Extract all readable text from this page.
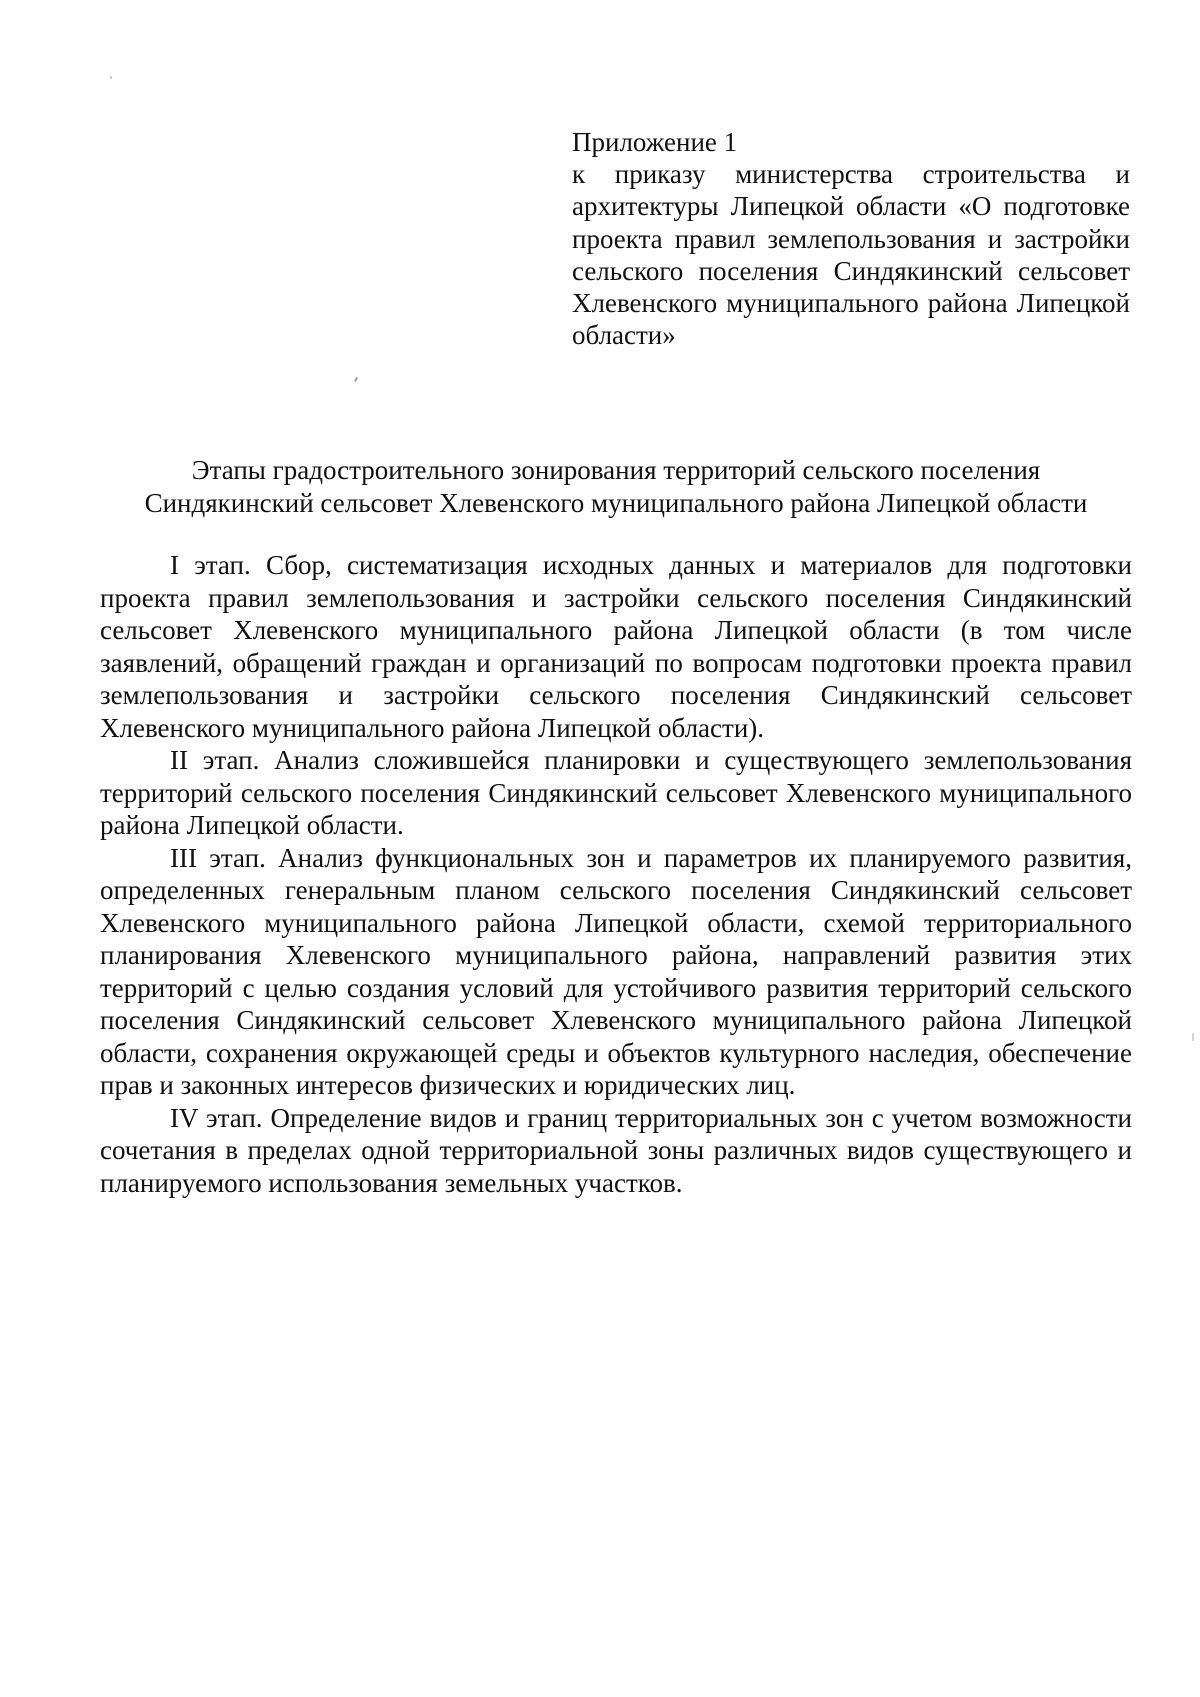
Приложение 1
к приказу министерства строительства и архитектуры Липецкой области «О подготовке проекта правил землепользования и застройки сельского поселения Синдякинский сельсовет Хлевенского муниципального района Липецкой области»
Этапы градостроительного зонирования территорий сельского поселения
Синдякинский сельсовет Хлевенского муниципального района Липецкой области

I этап. Сбор, систематизация исходных данных и материалов для подготовки проекта правил землепользования и застройки сельского поселения Синдякинский сельсовет Хлевенского муниципального района Липецкой области (в том числе заявлений, обращений граждан и организаций по вопросам подготовки проекта правил землепользования и застройки сельского поселения Синдякинский сельсовет Хлевенского муниципального района Липецкой области).

II этап. Анализ сложившейся планировки и существующего землепользования территорий сельского поселения Синдякинский сельсовет Хлевенского муниципального района Липецкой области.

III этап. Анализ функциональных зон и параметров их планируемого развития, определенных генеральным планом сельского поселения Синдякинский сельсовет Хлевенского муниципального района Липецкой области, схемой территориального планирования Хлевенского муниципального района, направлений развития этих территорий с целью создания условий для устойчивого развития территорий сельского поселения Синдякинский сельсовет Хлевенского муниципального района Липецкой области, сохранения окружающей среды и объектов культурного наследия, обеспечение прав и законных интересов физических и юридических лиц.

IV этап. Определение видов и границ территориальных зон с учетом возможности сочетания в пределах одной территориальной зоны различных видов существующего и планируемого использования земельных участков.
